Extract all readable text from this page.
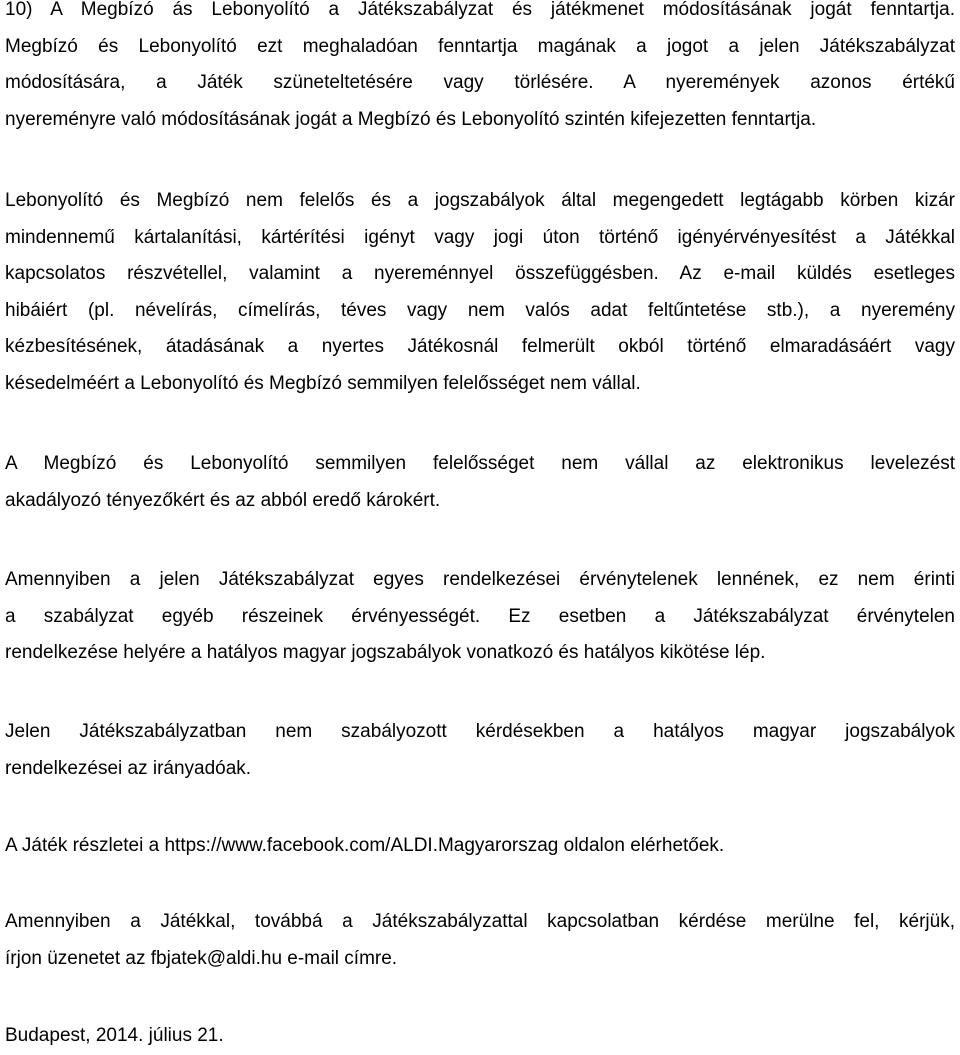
10) A Megbízó ás Lebonyolító a Játékszabályzat és játékmenet módosításának jogát fenntartja.
Megbízó és Lebonyolító ezt meghaladóan fenntartja magának a jogot a jelen Játékszabályzat
módosítására, a Játék szüneteltetésére vagy törlésére. A nyeremények azonos értékű
nyereményre való módosításának jogát a Megbízó és Lebonyolító szintén kifejezetten fenntartja.
Lebonyolító és Megbízó nem felelős és a jogszabályok által megengedett legtágabb körben kizár
mindennemű kártalanítási, kártérítési igényt vagy jogi úton történő igényérvényesítést a Játékkal
kapcsolatos részvétellel, valamint a nyereménnyel összefüggésben. Az e-mail küldés esetleges
hibáiért (pl. névelírás, címelírás, téves vagy nem valós adat feltűntetése stb.), a nyeremény
kézbesítésének, átadásának a nyertes Játékosnál felmerült okból történő elmaradásáért vagy
késedelméért a Lebonyolító és Megbízó semmilyen felelősséget nem vállal.
A Megbízó és Lebonyolító semmilyen felelősséget nem vállal az elektronikus levelezést
akadályozó tényezőkért és az abból eredő károkért.
Amennyiben a jelen Játékszabályzat egyes rendelkezései érvénytelenek lennének, ez nem érinti
a szabályzat egyéb részeinek érvényességét. Ez esetben a Játékszabályzat érvénytelen
rendelkezése helyére a hatályos magyar jogszabályok vonatkozó és hatályos kikötése lép.
Jelen Játékszabályzatban nem szabályozott kérdésekben a hatályos magyar jogszabályok
rendelkezései az irányadóak.
A Játék részletei a https://www.facebook.com/ALDI.Magyarorszag oldalon elérhetőek.
Amennyiben a Játékkal, továbbá a Játékszabályzattal kapcsolatban kérdése merülne fel, kérjük,
írjon üzenetet az fbjatek@aldi.hu e-mail címre.
Budapest, 2014. július 21.
